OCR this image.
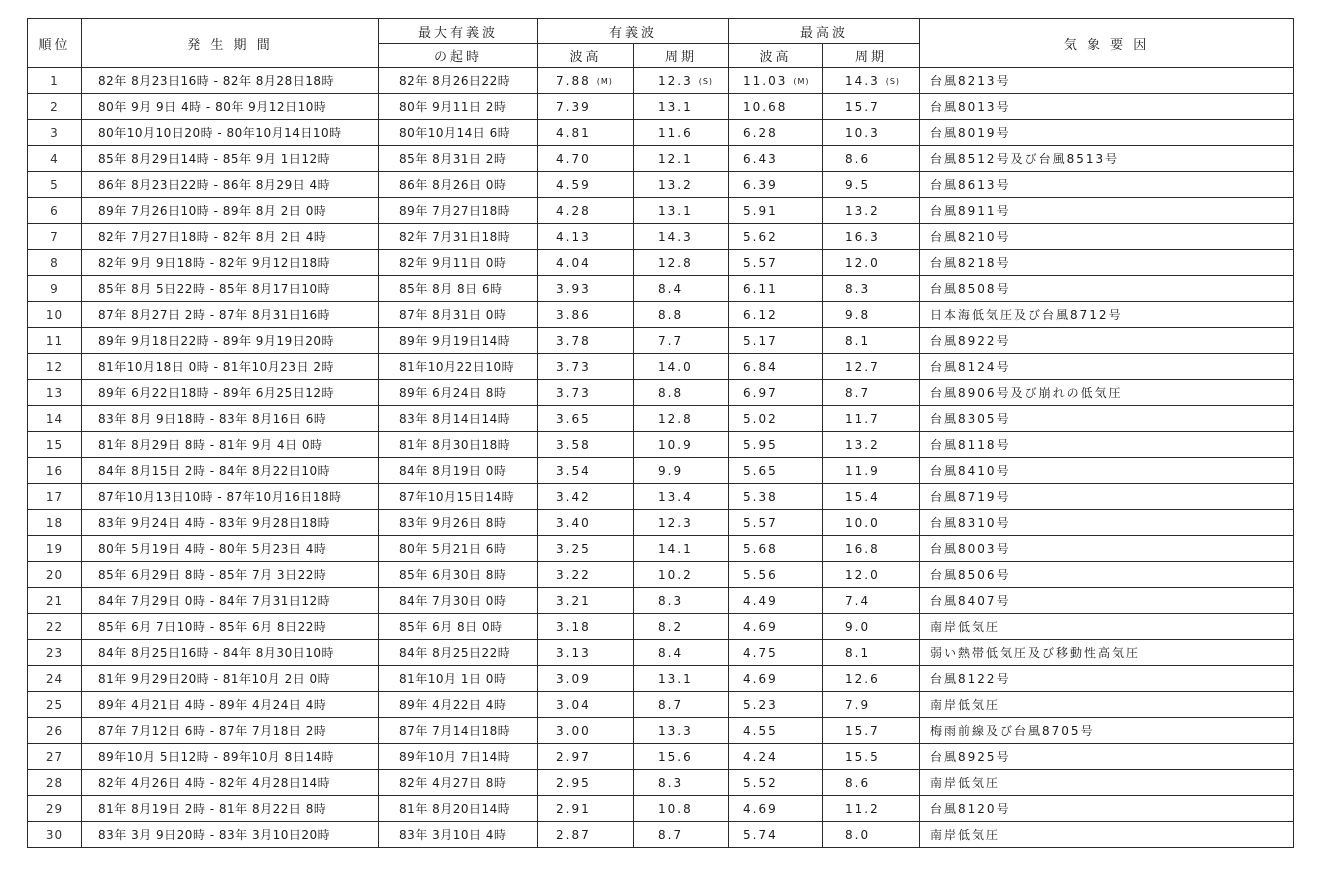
順位	発 生 期 間	最大有義波	有義波		最高波		気 象 要 因
		の起時	波高	周期	波高	周期	
1	82年 8月23日16時 - 82年 8月28日18時	82年 8月26日22時	7.88 (M)	12.3 (S)	11.03 (M)	14.3 (S)	台風8213号
2	80年 9月 9日 4時 - 80年 9月12日10時	80年 9月11日 2時	7.39	13.1	10.68	15.7	台風8013号
3	80年10月10日20時 - 80年10月14日10時	80年10月14日 6時	4.81	11.6	6.28	10.3	台風8019号
4	85年 8月29日14時 - 85年 9月 1日12時	85年 8月31日 2時	4.70	12.1	6.43	8.6	台風8512号及び台風8513号
5	86年 8月23日22時 - 86年 8月29日 4時	86年 8月26日 0時	4.59	13.2	6.39	9.5	台風8613号
6	89年 7月26日10時 - 89年 8月 2日 0時	89年 7月27日18時	4.28	13.1	5.91	13.2	台風8911号
7	82年 7月27日18時 - 82年 8月 2日 4時	82年 7月31日18時	4.13	14.3	5.62	16.3	台風8210号
8	82年 9月 9日18時 - 82年 9月12日18時	82年 9月11日 0時	4.04	12.8	5.57	12.0	台風8218号
9	85年 8月 5日22時 - 85年 8月17日10時	85年 8月 8日 6時	3.93	8.4	6.11	8.3	台風8508号
10	87年 8月27日 2時 - 87年 8月31日16時	87年 8月31日 0時	3.86	8.8	6.12	9.8	日本海低気圧及び台風8712号
11	89年 9月18日22時 - 89年 9月19日20時	89年 9月19日14時	3.78	7.7	5.17	8.1	台風8922号
12	81年10月18日 0時 - 81年10月23日 2時	81年10月22日10時	3.73	14.0	6.84	12.7	台風8124号
13	89年 6月22日18時 - 89年 6月25日12時	89年 6月24日 8時	3.73	8.8	6.97	8.7	台風8906号及び崩れの低気圧
14	83年 8月 9日18時 - 83年 8月16日 6時	83年 8月14日14時	3.65	12.8	5.02	11.7	台風8305号
15	81年 8月29日 8時 - 81年 9月 4日 0時	81年 8月30日18時	3.58	10.9	5.95	13.2	台風8118号
16	84年 8月15日 2時 - 84年 8月22日10時	84年 8月19日 0時	3.54	9.9	5.65	11.9	台風8410号
17	87年10月13日10時 - 87年10月16日18時	87年10月15日14時	3.42	13.4	5.38	15.4	台風8719号
18	83年 9月24日 4時 - 83年 9月28日18時	83年 9月26日 8時	3.40	12.3	5.57	10.0	台風8310号
19	80年 5月19日 4時 - 80年 5月23日 4時	80年 5月21日 6時	3.25	14.1	5.68	16.8	台風8003号
20	85年 6月29日 8時 - 85年 7月 3日22時	85年 6月30日 8時	3.22	10.2	5.56	12.0	台風8506号
21	84年 7月29日 0時 - 84年 7月31日12時	84年 7月30日 0時	3.21	8.3	4.49	7.4	台風8407号
22	85年 6月 7日10時 - 85年 6月 8日22時	85年 6月 8日 0時	3.18	8.2	4.69	9.0	南岸低気圧
23	84年 8月25日16時 - 84年 8月30日10時	84年 8月25日22時	3.13	8.4	4.75	8.1	弱い熱帯低気圧及び移動性高気圧
24	81年 9月29日20時 - 81年10月 2日 0時	81年10月 1日 0時	3.09	13.1	4.69	12.6	台風8122号
25	89年 4月21日 4時 - 89年 4月24日 4時	89年 4月22日 4時	3.04	8.7	5.23	7.9	南岸低気圧
26	87年 7月12日 6時 - 87年 7月18日 2時	87年 7月14日18時	3.00	13.3	4.55	15.7	梅雨前線及び台風8705号
27	89年10月 5日12時 - 89年10月 8日14時	89年10月 7日14時	2.97	15.6	4.24	15.5	台風8925号
28	82年 4月26日 4時 - 82年 4月28日14時	82年 4月27日 8時	2.95	8.3	5.52	8.6	南岸低気圧
29	81年 8月19日 2時 - 81年 8月22日 8時	81年 8月20日14時	2.91	10.8	4.69	11.2	台風8120号
30	83年 3月 9日20時 - 83年 3月10日20時	83年 3月10日 4時	2.87	8.7	5.74	8.0	南岸低気圧
